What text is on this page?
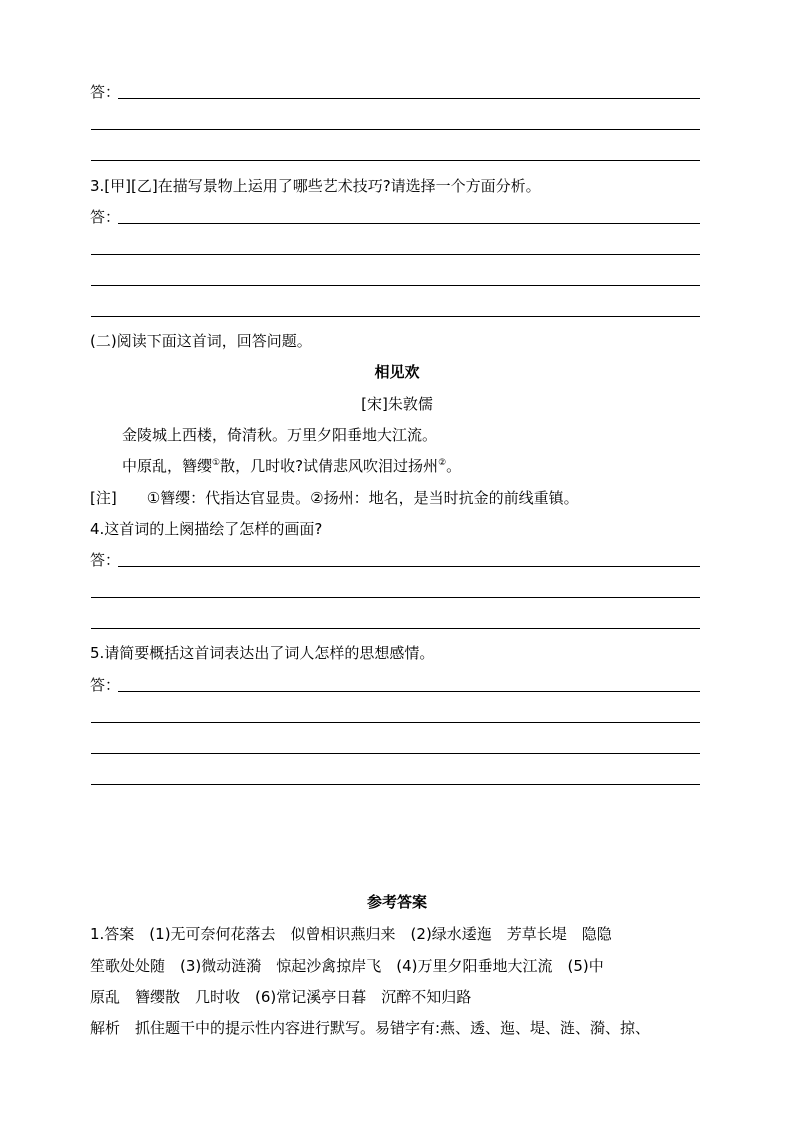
答：
3.[甲][乙]在描写景物上运用了哪些艺术技巧?请选择一个方面分析。
答：
(二)阅读下面这首词，回答问题。
相见欢
[宋]朱敦儒
金陵城上西楼，倚清秋。万里夕阳垂地大江流。
中原乱，簪缨①散，几时收?试倩悲风吹泪过扬州②。
[注] ①簪缨：代指达官显贵。②扬州：地名，是当时抗金的前线重镇。
4.这首词的上阕描绘了怎样的画面?
答：
5.请简要概括这首词表达出了词人怎样的思想感情。
答：
参考答案
1.答案　(1)无可奈何花落去　似曾相识燕归来　(2)绿水逶迤　芳草长堤　隐隐
笙歌处处随　(3)微动涟漪　惊起沙禽掠岸飞　(4)万里夕阳垂地大江流　(5)中
原乱　簪缨散　几时收　(6)常记溪亭日暮　沉醉不知归路
解析　抓住题干中的提示性内容进行默写。易错字有:燕、透、迤、堤、涟、漪、掠、
